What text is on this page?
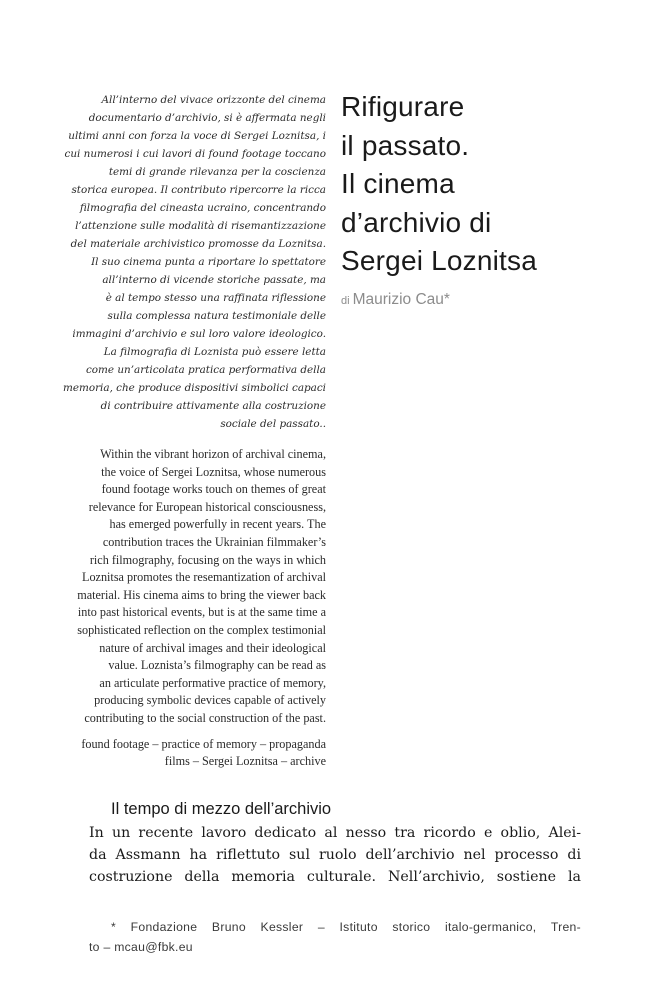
All’interno del vivace orizzonte del cinema
documentario d’archivio, si è affermata negli
ultimi anni con forza la voce di Sergei Loznitsa, i
cui numerosi i cui lavori di found footage toccano
temi di grande rilevanza per la coscienza
storica europea. Il contributo ripercorre la ricca
filmografia del cineasta ucraino, concentrando
l’attenzione sulle modalità di risemantizzazione
del materiale archivistico promosse da Loznitsa.
Il suo cinema punta a riportare lo spettatore
all’interno di vicende storiche passate, ma
è al tempo stesso una raffinata riflessione
sulla complessa natura testimoniale delle
immagini d’archivio e sul loro valore ideologico.
La filmografia di Loznista può essere letta
come un’articolata pratica performativa della
memoria, che produce dispositivi simbolici capaci
di contribuire attivamente alla costruzione
sociale del passato..

Within the vibrant horizon of archival cinema,
the voice of Sergei Loznitsa, whose numerous
found footage works touch on themes of great
relevance for European historical consciousness,
has emerged powerfully in recent years. The
contribution traces the Ukrainian filmmaker’s
rich filmography, focusing on the ways in which
Loznitsa promotes the resemantization of archival
material. His cinema aims to bring the viewer back
into past historical events, but is at the same time a
sophisticated reflection on the complex testimonial
nature of archival images and their ideological
value. Loznista’s filmography can be read as
an articulate performative practice of memory,
producing symbolic devices capable of actively
contributing to the social construction of the past.

found footage – practice of memory – propaganda
films – Sergei Loznitsa – archive

Rifigurare
il passato.
Il cinema
d’archivio di
Sergei Loznitsa
di Maurizio Cau*
Il tempo di mezzo dell’archivio

In un recente lavoro dedicato al nesso tra ricordo e oblio, Alei-
da Assmann ha riflettuto sul ruolo dell’archivio nel processo di
costruzione della memoria culturale. Nell’archivio, sostiene la

* Fondazione Bruno Kessler – Istituto storico italo-germanico, Tren-
to – mcau@fbk.eu
